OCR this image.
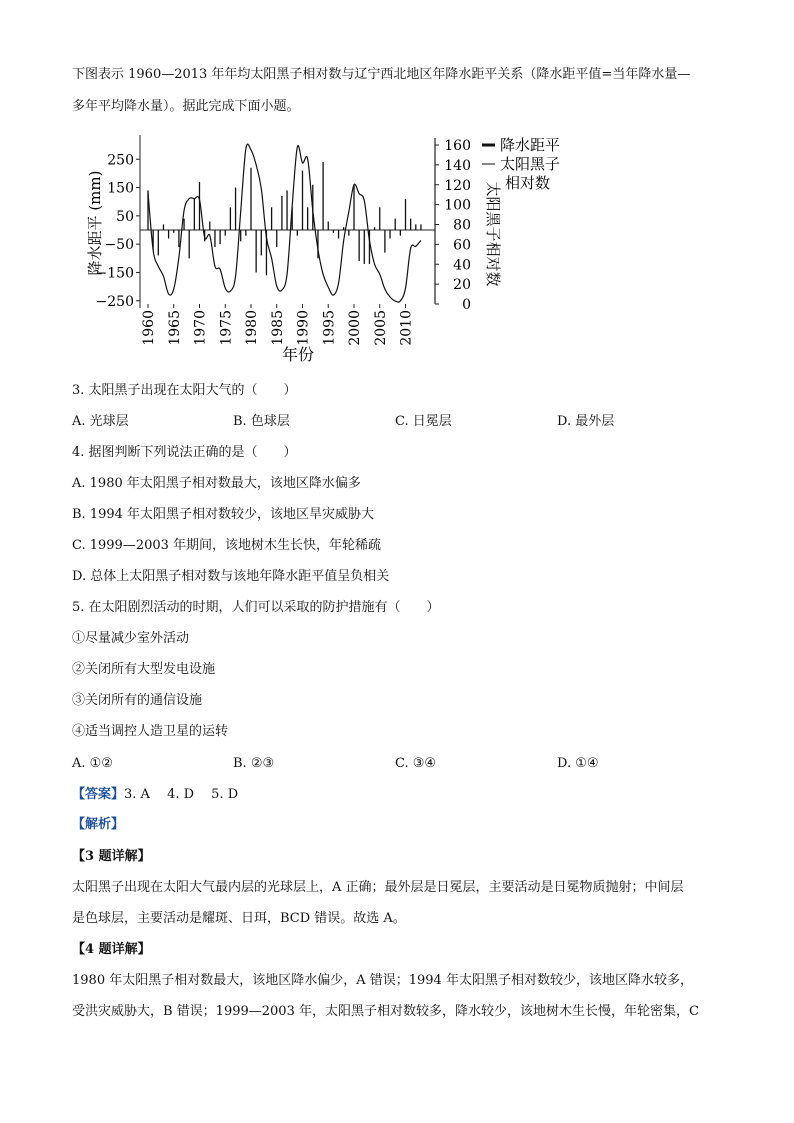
下图表示 1960—2013 年年均太阳黑子相对数与辽宁西北地区年降水距平关系（降水距平值=当年降水量—
多年平均降水量）。据此完成下面小题。
1960 1965 1970 1975 1980 1985 1990 1995 2000 2005 2010
250
150
50
−50
−150
−250
160
140
120
100
80
60
40
20
0
年份
降水距平 (mm)	太阳黑子相对数
降水距平
太阳黑子
相对数
3. 太阳黑子出现在太阳大气的（　　）
A. 光球层	B. 色球层	C. 日冕层	D. 最外层
4. 据图判断下列说法正确的是（　　）
A. 1980 年太阳黑子相对数最大，该地区降水偏多
B. 1994 年太阳黑子相对数较少，该地区旱灾威胁大
C. 1999—2003 年期间，该地树木生长快，年轮稀疏
D. 总体上太阳黑子相对数与该地年降水距平值呈负相关
5. 在太阳剧烈活动的时期，人们可以采取的防护措施有（　　）
①尽量减少室外活动
②关闭所有大型发电设施
③关闭所有的通信设施
④适当调控人造卫星的运转
A. ①②	B. ②③	C. ③④	D. ①④
【答案】3. A　 4. D　 5. D
【解析】
【3 题详解】
太阳黑子出现在太阳大气最内层的光球层上，A 正确；最外层是日冕层，主要活动是日冕物质抛射；中间层
是色球层，主要活动是耀斑、日珥，BCD 错误。故选 A。
【4 题详解】
1980 年太阳黑子相对数最大，该地区降水偏少，A 错误；1994 年太阳黑子相对数较少，该地区降水较多，
受洪灾威胁大，B 错误；1999—2003 年，太阳黑子相对数较多，降水较少，该地树木生长慢，年轮密集，C
